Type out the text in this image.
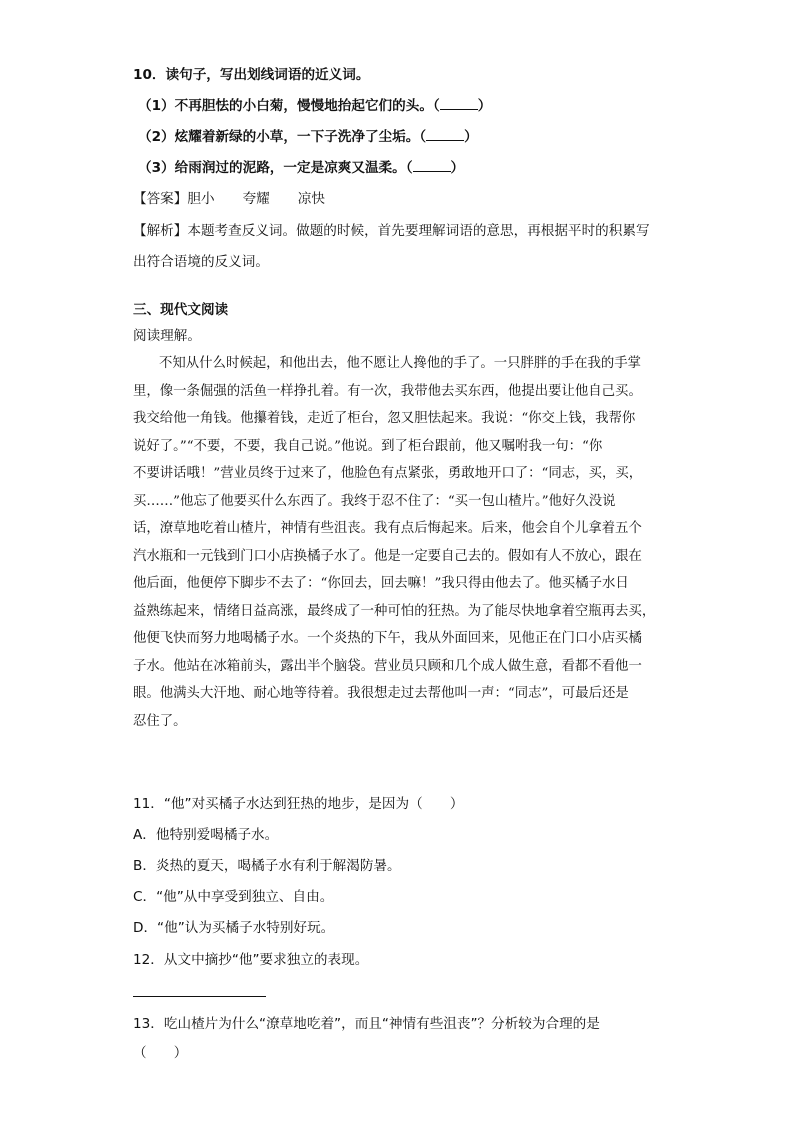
10．读句子，写出划线词语的近义词。
（1）不再胆怯的小白菊，慢慢地抬起它们的头。（	）
（2）炫耀着新绿的小草，一下子洗净了尘垢。（	）
（3）给雨润过的泥路，一定是凉爽又温柔。（	）
【答案】胆小 夸耀 凉快
【解析】本题考查反义词。做题的时候，首先要理解词语的意思，再根据平时的积累写
出符合语境的反义词。
三、现代文阅读
阅读理解。
不知从什么时候起，和他出去，他不愿让人搀他的手了。一只胖胖的手在我的手掌
里，像一条倔强的活鱼一样挣扎着。有一次，我带他去买东西，他提出要让他自己买。
我交给他一角钱。他攥着钱，走近了柜台，忽又胆怯起来。我说：“你交上钱，我帮你
说好了。”“不要，不要，我自己说。”他说。到了柜台跟前，他又嘱咐我一句：“你
不要讲话哦！”营业员终于过来了，他脸色有点紧张，勇敢地开口了：“同志，买，买，
买……”他忘了他要买什么东西了。我终于忍不住了：“买一包山楂片。”他好久没说
话，潦草地吃着山楂片，神情有些沮丧。我有点后悔起来。后来，他会自个儿拿着五个
汽水瓶和一元钱到门口小店换橘子水了。他是一定要自己去的。假如有人不放心，跟在
他后面，他便停下脚步不去了：“你回去，回去嘛！”我只得由他去了。他买橘子水日
益熟练起来，情绪日益高涨，最终成了一种可怕的狂热。为了能尽快地拿着空瓶再去买，
他便飞快而努力地喝橘子水。一个炎热的下午，我从外面回来，见他正在门口小店买橘
子水。他站在冰箱前头，露出半个脑袋。营业员只顾和几个成人做生意，看都不看他一
眼。他满头大汗地、耐心地等待着。我很想走过去帮他叫一声：“同志”，可最后还是
忍住了。
11．“他”对买橘子水达到狂热的地步，是因为（　　）
A．他特别爱喝橘子水。
B．炎热的夏天，喝橘子水有利于解渴防暑。
C．“他”从中享受到独立、自由。
D．“他”认为买橘子水特别好玩。
12．从文中摘抄“他”要求独立的表现。
13．吃山楂片为什么“潦草地吃着”，而且“神情有些沮丧”？分析较为合理的是
（　　）
